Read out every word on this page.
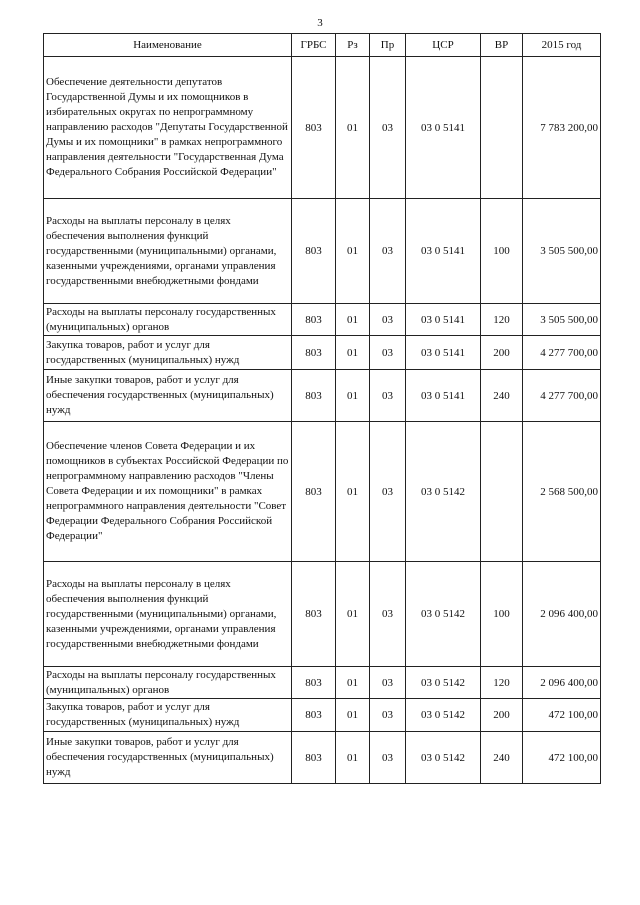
3
Наименование	ГРБС	Рз	Пр	ЦСР	ВР	2015 год
Обеспечение деятельности депутатов Государственной Думы и их помощников в избирательных округах по непрограммному направлению расходов "Депутаты Государственной Думы и их помощники" в рамках непрограммного направления деятельности "Государственная Дума Федерального Собрания Российской Федерации"	803	01	03	03 0 5141		7 783 200,00
Расходы на выплаты персоналу в целях обеспечения выполнения функций государственными (муниципальными) органами, казенными учреждениями, органами управления государственными внебюджетными фондами	803	01	03	03 0 5141	100	3 505 500,00
Расходы на выплаты персоналу государственных (муниципальных) органов	803	01	03	03 0 5141	120	3 505 500,00
Закупка товаров, работ и услуг для государственных (муниципальных) нужд	803	01	03	03 0 5141	200	4 277 700,00
Иные закупки товаров, работ и услуг для обеспечения государственных (муниципальных) нужд	803	01	03	03 0 5141	240	4 277 700,00
Обеспечение членов Совета Федерации и их помощников в субъектах Российской Федерации по непрограммному направлению расходов "Члены Совета Федерации и их помощники" в рамках непрограммного направления деятельности "Совет Федерации Федерального Собрания Российской Федерации"	803	01	03	03 0 5142		2 568 500,00
Расходы на выплаты персоналу в целях обеспечения выполнения функций государственными (муниципальными) органами, казенными учреждениями, органами управления государственными внебюджетными фондами	803	01	03	03 0 5142	100	2 096 400,00
Расходы на выплаты персоналу государственных (муниципальных) органов	803	01	03	03 0 5142	120	2 096 400,00
Закупка товаров, работ и услуг для государственных (муниципальных) нужд	803	01	03	03 0 5142	200	472 100,00
Иные закупки товаров, работ и услуг для обеспечения государственных (муниципальных) нужд	803	01	03	03 0 5142	240	472 100,00
